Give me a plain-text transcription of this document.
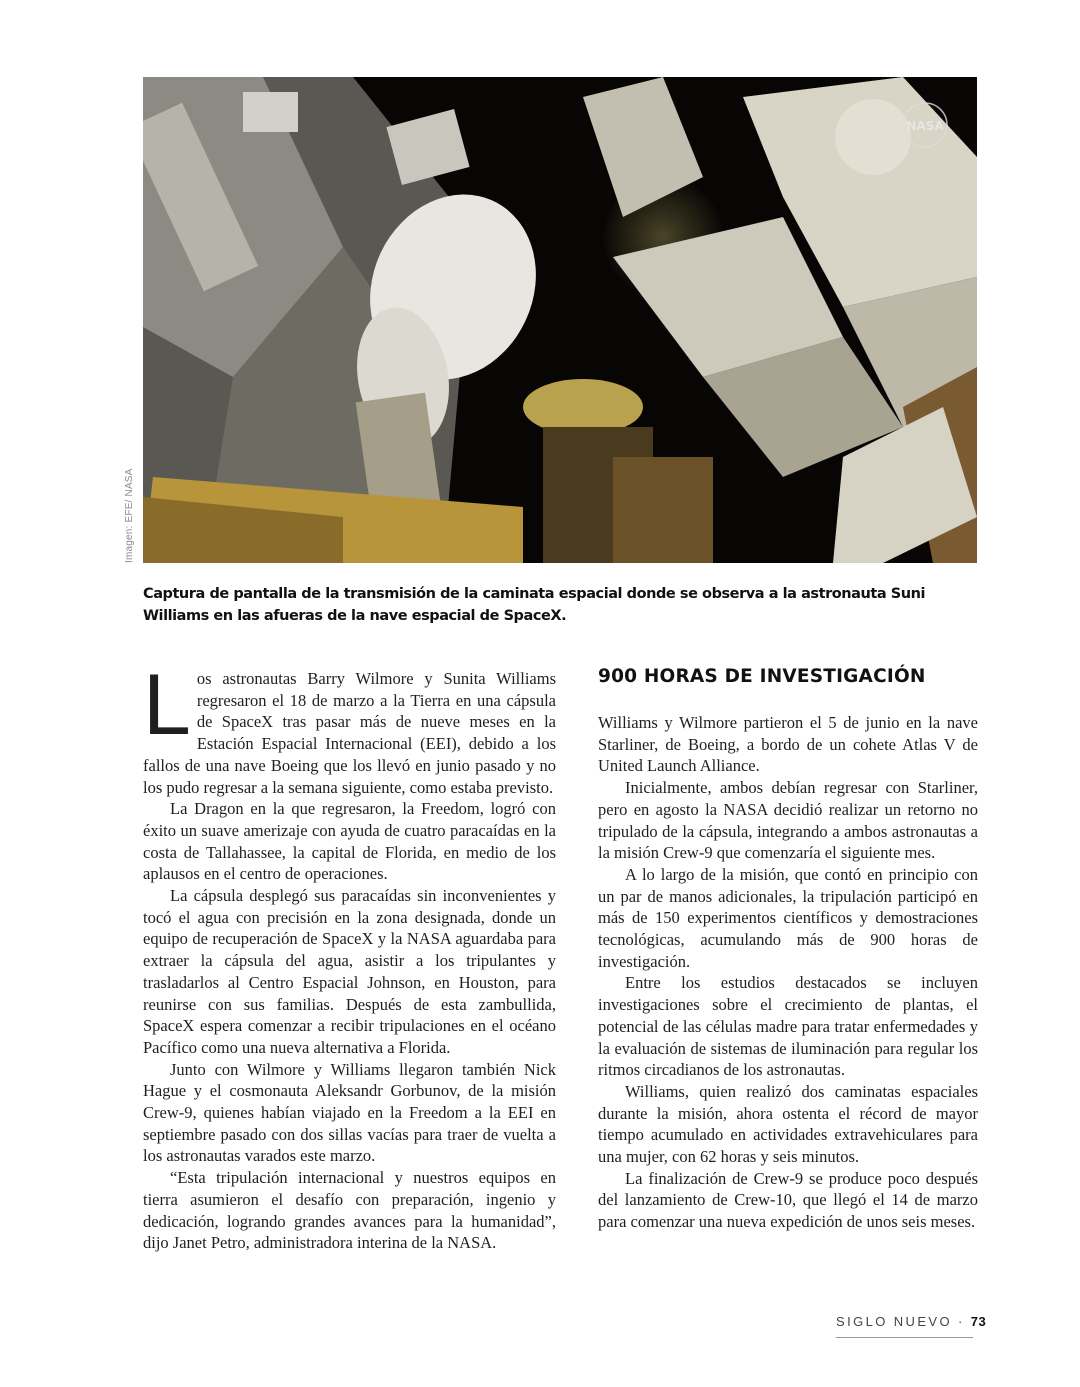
NASA
Imagen: EFE/ NASA
Captura de pantalla de la transmisión de la caminata espacial donde se observa a la astronauta Suni Williams en las afueras de la nave espacial de SpaceX.

Los astronautas Barry Wilmore y Sunita Williams regresaron el 18 de marzo a la Tierra en una cápsula de SpaceX tras pasar más de nueve meses en la Estación Espacial Internacional (EEI), debido a los fallos de una nave Boeing que los llevó en junio pasado y no los pudo regresar a la semana siguiente, como estaba previsto.

La Dragon en la que regresaron, la Freedom, logró con éxito un suave amerizaje con ayuda de cuatro paracaídas en la costa de Tallahassee, la capital de Florida, en medio de los aplausos en el centro de operaciones.

La cápsula desplegó sus paracaídas sin inconvenientes y tocó el agua con precisión en la zona designada, donde un equipo de recuperación de SpaceX y la NASA aguardaba para extraer la cápsula del agua, asistir a los tripulantes y trasladarlos al Centro Espacial Johnson, en Houston, para reunirse con sus familias. Después de esta zambullida, SpaceX espera comenzar a recibir tripulaciones en el océano Pacífico como una nueva alternativa a Florida.

Junto con Wilmore y Williams llegaron también Nick Hague y el cosmonauta Aleksandr Gorbunov, de la misión Crew-9, quienes habían viajado en la Freedom a la EEI en septiembre pasado con dos sillas vacías para traer de vuelta a los astronautas varados este marzo.

“Esta tripulación internacional y nuestros equipos en tierra asumieron el desafío con preparación, ingenio y dedicación, logrando grandes avances para la humanidad”, dijo Janet Petro, administradora interina de la NASA.

900 HORAS DE INVESTIGACIÓN

Williams y Wilmore partieron el 5 de junio en la nave Starliner, de Boeing, a bordo de un cohete Atlas V de United Launch Alliance.

Inicialmente, ambos debían regresar con Starliner, pero en agosto la NASA decidió realizar un retorno no tripulado de la cápsula, integrando a ambos astronautas a la misión Crew-9 que comenzaría el siguiente mes.

A lo largo de la misión, que contó en principio con un par de manos adicionales, la tripulación participó en más de 150 experimentos científicos y demostraciones tecnológicas, acumulando más de 900 horas de investigación.

Entre los estudios destacados se incluyen investigaciones sobre el crecimiento de plantas, el potencial de las células madre para tratar enfermedades y la evaluación de sistemas de iluminación para regular los ritmos circadianos de los astronautas.

Williams, quien realizó dos caminatas espaciales durante la misión, ahora ostenta el récord de mayor tiempo acumulado en actividades extravehiculares para una mujer, con 62 horas y seis minutos.

La finalización de Crew-9 se produce poco después del lanzamiento de Crew-10, que llegó el 14 de marzo para comenzar una nueva expedición de unos seis meses.

SIGLO NUEVO · 73
